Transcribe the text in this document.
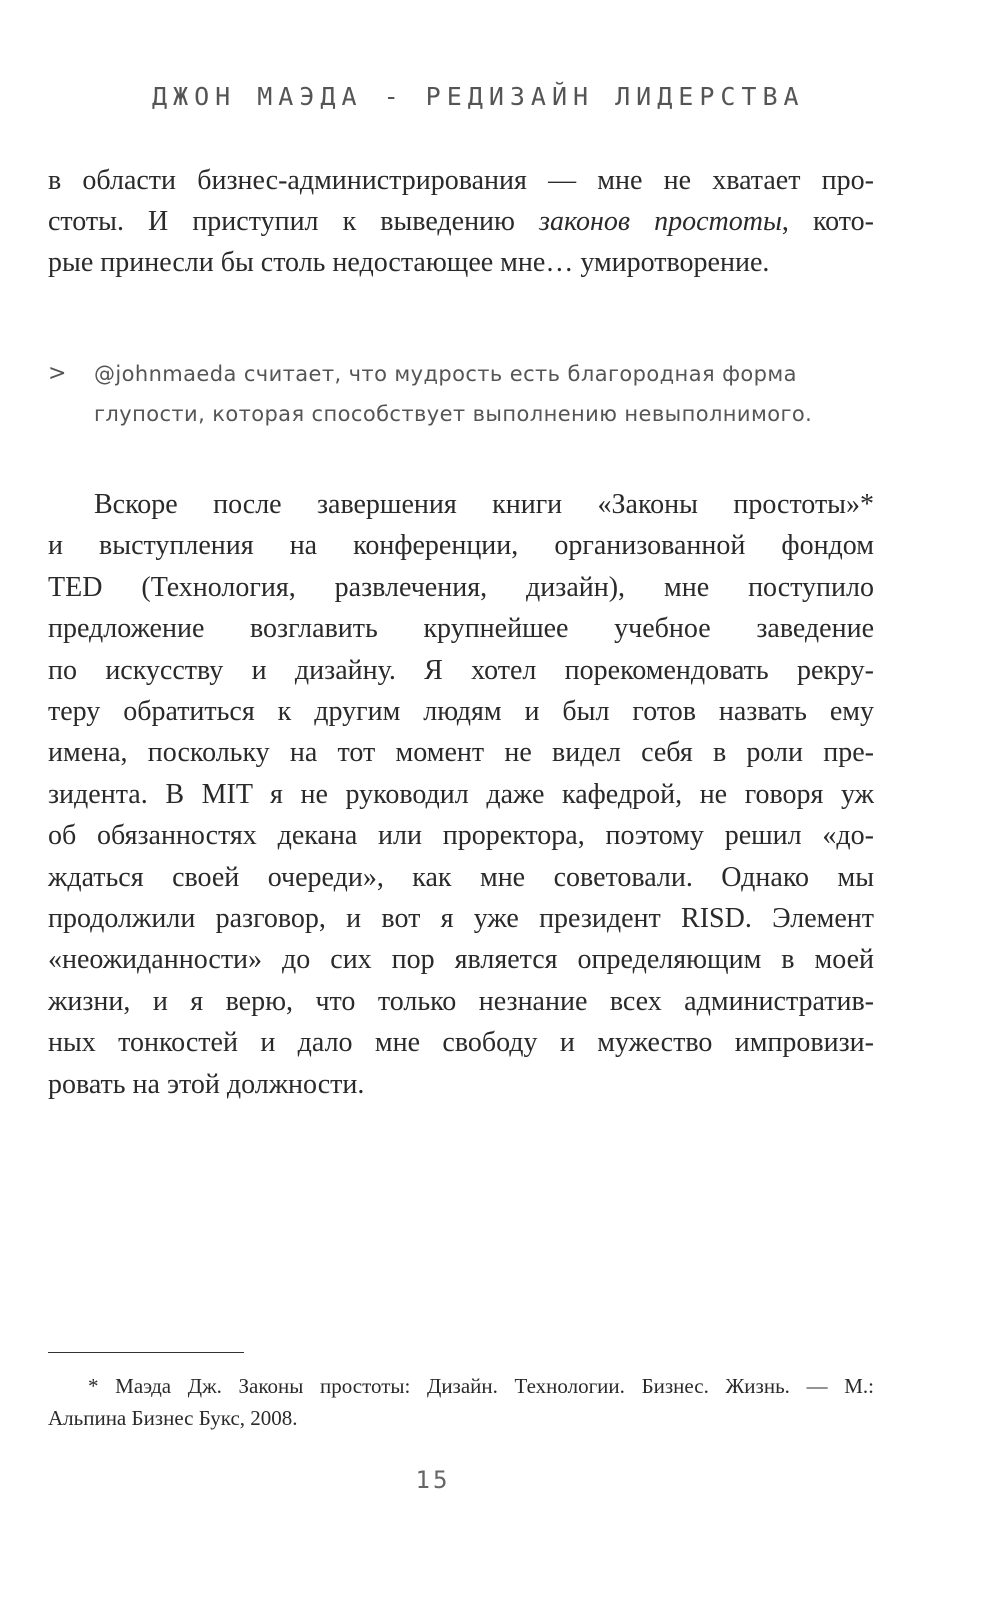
ДЖОН МАЭДА - РЕДИЗАЙН ЛИДЕРСТВА
в области бизнес-администрирования — мне не хватает про-
стоты. И приступил к выведению законов простоты, кото-
рые принесли бы столь недостающее мне… умиротворение.
> @johnmaeda считает, что мудрость есть благородная форма
глупости, которая способствует выполнению невыполнимого.
Вскоре после завершения книги «Законы простоты»*
и выступления на конференции, организованной фондом
TED (Технология, развлечения, дизайн), мне поступило
предложение возглавить крупнейшее учебное заведение
по искусству и дизайну. Я хотел порекомендовать рекру-
теру обратиться к другим людям и был готов назвать ему
имена, поскольку на тот момент не видел себя в роли пре-
зидента. В MIT я не руководил даже кафедрой, не говоря уж
об обязанностях декана или проректора, поэтому решил «до-
ждаться своей очереди», как мне советовали. Однако мы
продолжили разговор, и вот я уже президент RISD. Элемент
«неожиданности» до сих пор является определяющим в моей
жизни, и я верю, что только незнание всех административ-
ных тонкостей и дало мне свободу и мужество импровизи-
ровать на этой должности.
* Маэда Дж. Законы простоты: Дизайн. Технологии. Бизнес. Жизнь. — М.:
Альпина Бизнес Букс, 2008.
15
